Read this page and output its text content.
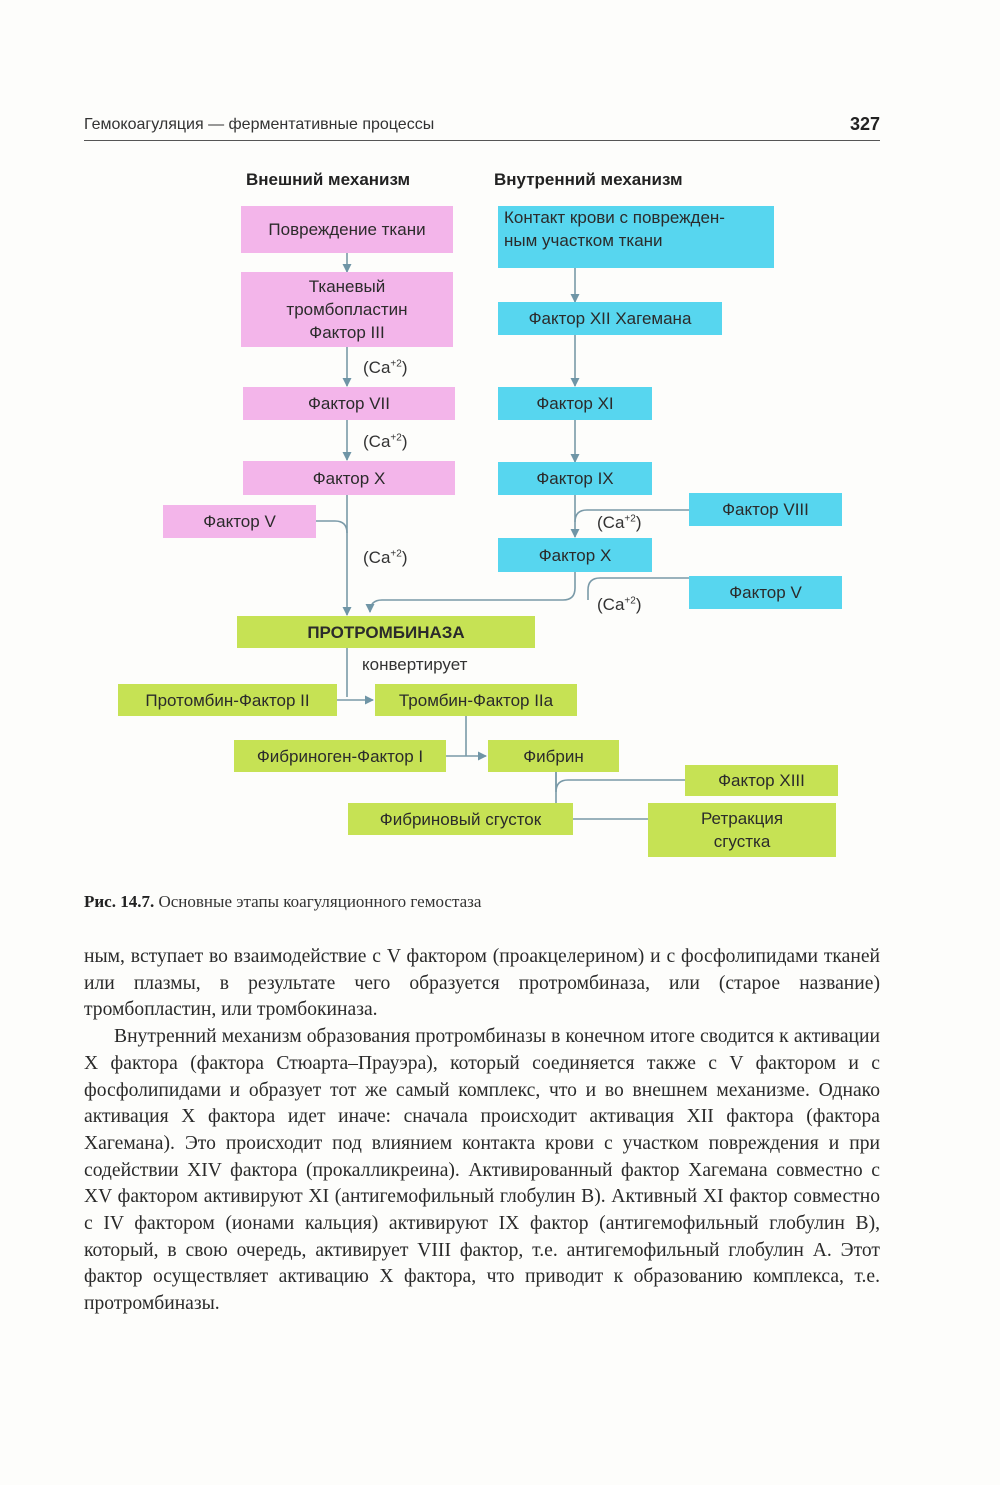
Гемокоагуляция — ферментативные процессы	327
Внешний механизм	Внутренний механизм
Повреждение ткани
Тканевый
тромбопластин
Фактор III
Фактор VII
Фактор X
Фактор V
Контакт крови с поврежден-
ным участком ткани
Фактор XII Хагемана
Фактор XI
Фактор IX
Фактор VIII
Фактор X
Фактор V
$(Ca^{+2})$
$(Ca^{+2})$
$(Ca^{+2})$
$(Ca^{+2})$
$(Ca^{+2})$
ПРОТРОМБИНАЗА
конвертирует
Протомбин-Фактор II	Тромбин-Фактор IIa
Фибриноген-Фактор I	Фибрин
Фактор XIII
Фибриновый сгусток	Ретракция
сгустка
Рис. 14.7. Основные этапы коагуляционного гемостаза

ным, вступает во взаимодействие с V фактором (проакцелерином) и с фосфолипидами тканей или плазмы, в результате чего образуется протромбиназа, или (старое название) тромбопластин, или тромбокиназа.

Внутренний механизм образования протромбиназы в конечном итоге сводится к активации X фактора (фактора Стюарта–Прауэра), который соединяется также с V фактором и с фосфолипидами и образует тот же самый комплекс, что и во внешнем механизме. Однако активация X фактора идет иначе: сначала происходит активация XII фактора (фактора Хагемана). Это происходит под влиянием контакта крови с участком повреждения и при содействии XIV фактора (прокалликреина). Активированный фактор Хагемана совместно с XV фактором активируют XI (антигемофильный глобулин B). Активный XI фактор совместно с IV фактором (ионами кальция) активируют IX фактор (антигемофильный глобулин B), который, в свою очередь, активирует VIII фактор, т.е. антигемофильный глобулин A. Этот фактор осуществляет активацию X фактора, что приводит к образованию комплекса, т.е. протромбиназы.
